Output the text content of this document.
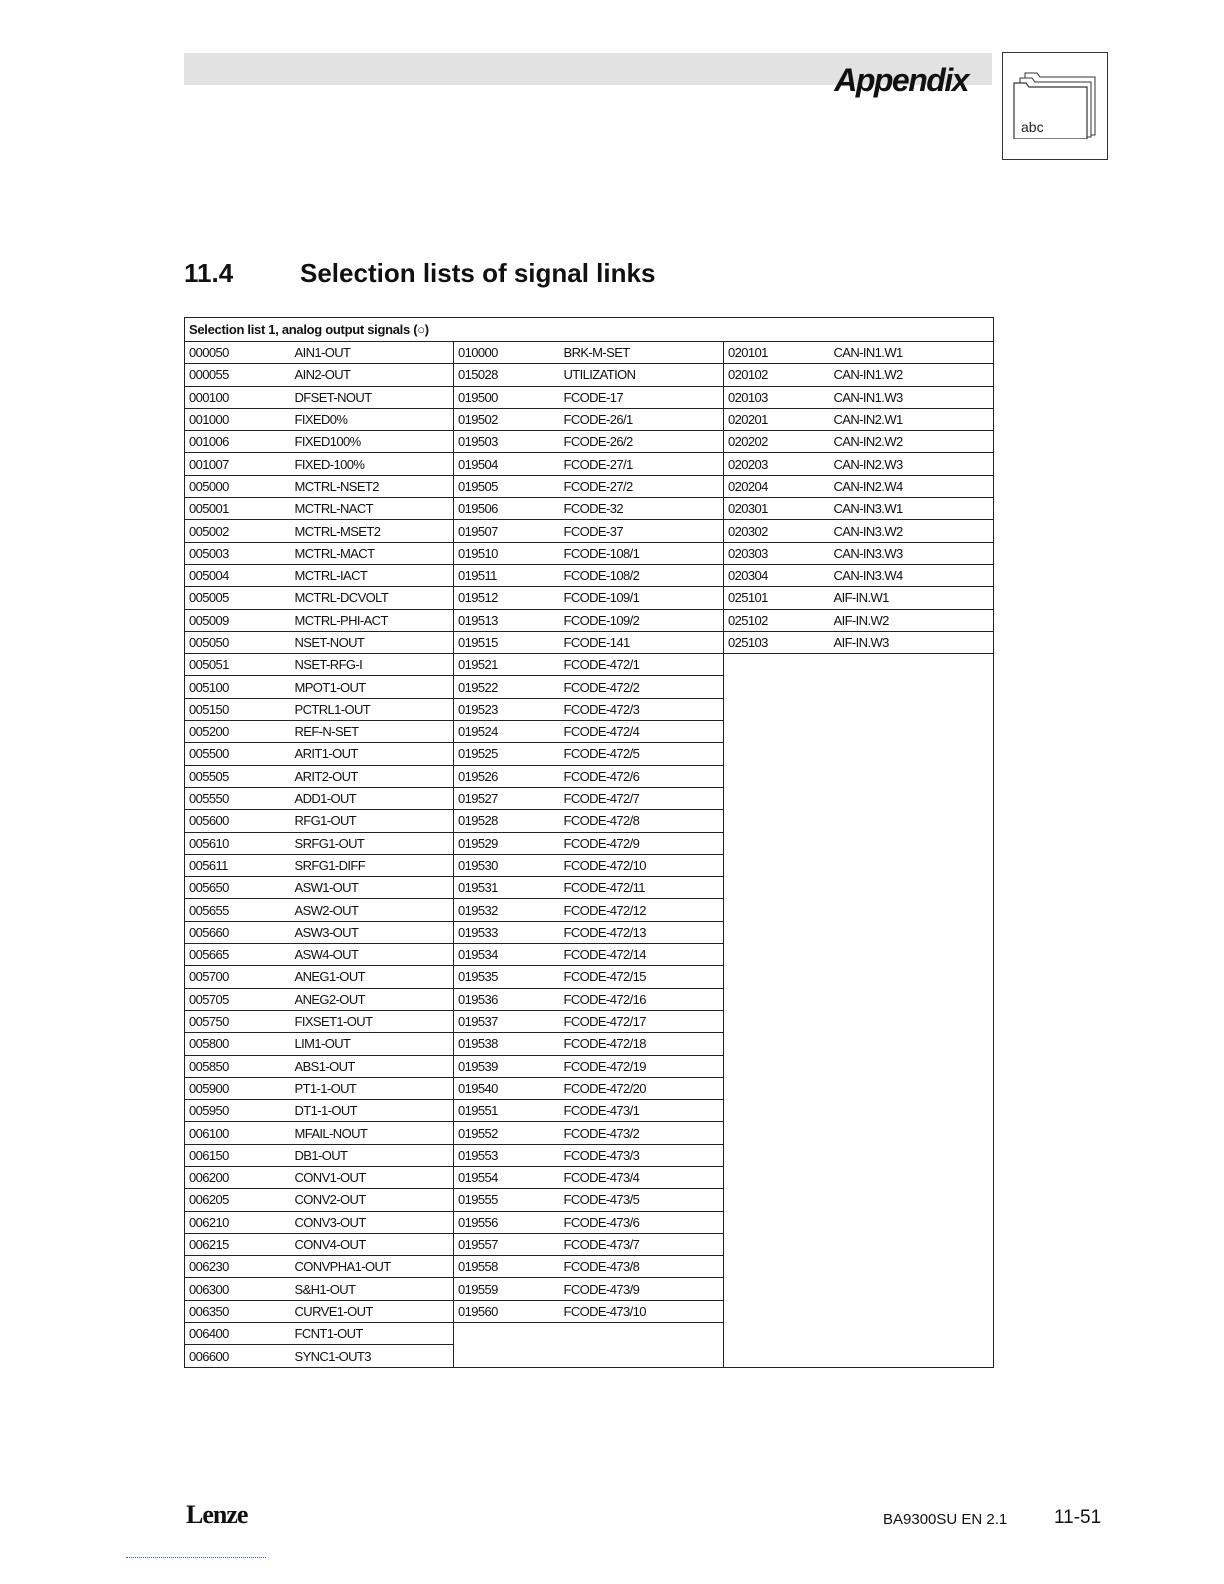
Appendix
abc
11.4	Selection lists of signal links
Selection list 1, analog output signals (○)					
000050	AIN1-OUT	010000	BRK-M-SET	020101	CAN-IN1.W1
000055	AIN2-OUT	015028	UTILIZATION	020102	CAN-IN1.W2
000100	DFSET-NOUT	019500	FCODE-17	020103	CAN-IN1.W3
001000	FIXED0%	019502	FCODE-26/1	020201	CAN-IN2.W1
001006	FIXED100%	019503	FCODE-26/2	020202	CAN-IN2.W2
001007	FIXED-100%	019504	FCODE-27/1	020203	CAN-IN2.W3
005000	MCTRL-NSET2	019505	FCODE-27/2	020204	CAN-IN2.W4
005001	MCTRL-NACT	019506	FCODE-32	020301	CAN-IN3.W1
005002	MCTRL-MSET2	019507	FCODE-37	020302	CAN-IN3.W2
005003	MCTRL-MACT	019510	FCODE-108/1	020303	CAN-IN3.W3
005004	MCTRL-IACT	019511	FCODE-108/2	020304	CAN-IN3.W4
005005	MCTRL-DCVOLT	019512	FCODE-109/1	025101	AIF-IN.W1
005009	MCTRL-PHI-ACT	019513	FCODE-109/2	025102	AIF-IN.W2
005050	NSET-NOUT	019515	FCODE-141	025103	AIF-IN.W3
005051	NSET-RFG-I	019521	FCODE-472/1		
005100	MPOT1-OUT	019522	FCODE-472/2		
005150	PCTRL1-OUT	019523	FCODE-472/3		
005200	REF-N-SET	019524	FCODE-472/4		
005500	ARIT1-OUT	019525	FCODE-472/5		
005505	ARIT2-OUT	019526	FCODE-472/6		
005550	ADD1-OUT	019527	FCODE-472/7		
005600	RFG1-OUT	019528	FCODE-472/8		
005610	SRFG1-OUT	019529	FCODE-472/9		
005611	SRFG1-DIFF	019530	FCODE-472/10		
005650	ASW1-OUT	019531	FCODE-472/11		
005655	ASW2-OUT	019532	FCODE-472/12		
005660	ASW3-OUT	019533	FCODE-472/13		
005665	ASW4-OUT	019534	FCODE-472/14		
005700	ANEG1-OUT	019535	FCODE-472/15		
005705	ANEG2-OUT	019536	FCODE-472/16		
005750	FIXSET1-OUT	019537	FCODE-472/17		
005800	LIM1-OUT	019538	FCODE-472/18		
005850	ABS1-OUT	019539	FCODE-472/19		
005900	PT1-1-OUT	019540	FCODE-472/20		
005950	DT1-1-OUT	019551	FCODE-473/1		
006100	MFAIL-NOUT	019552	FCODE-473/2		
006150	DB1-OUT	019553	FCODE-473/3		
006200	CONV1-OUT	019554	FCODE-473/4		
006205	CONV2-OUT	019555	FCODE-473/5		
006210	CONV3-OUT	019556	FCODE-473/6		
006215	CONV4-OUT	019557	FCODE-473/7		
006230	CONVPHA1-OUT	019558	FCODE-473/8		
006300	S&H1-OUT	019559	FCODE-473/9		
006350	CURVE1-OUT	019560	FCODE-473/10		
006400	FCNT1-OUT				
006600	SYNC1-OUT3				
Lenze	BA9300SU EN 2.1 11-51
